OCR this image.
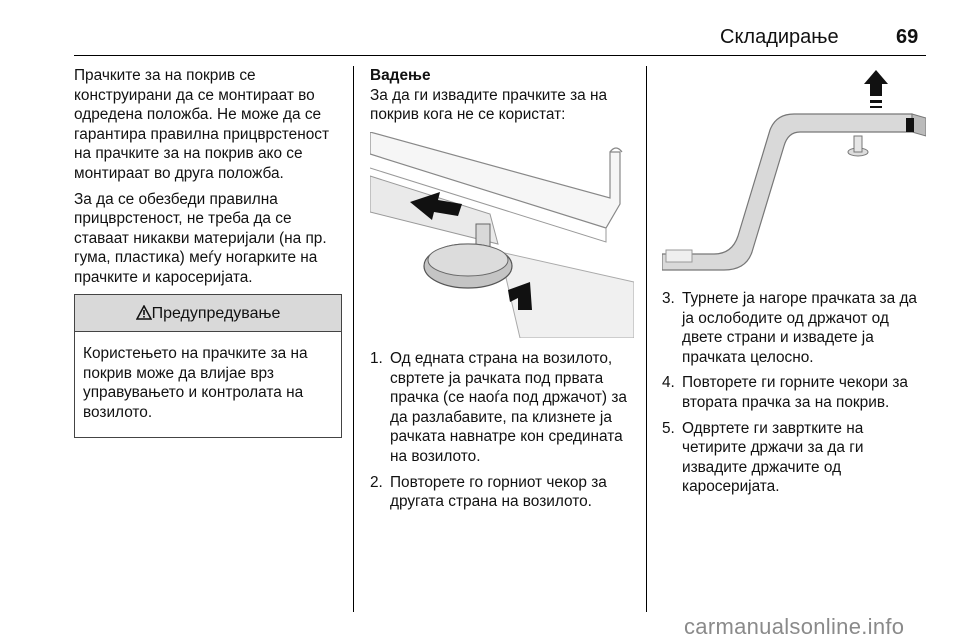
Складирање	69

Прачките за на покрив се конструирани да се монтираат во одредена положба. Не може да се гарантира правилна прицврстеност на прачките за на покрив ако се монтираат во друга положба.

За да се обезбеди правилна прицврстеност, не треба да се ставаат никакви материјали (на пр. гума, пластика) меѓу ногарките на прачките и каросеријата.

Предупредување
Користењето на прачките за на покрив може да влијае врз управувањето и контролата на возилото.

Вадење

За да ги извадите прачките за на покрив кога не се користат:

1. Од едната страна на возилото, свртете ја рачката под првата прачка (се наоѓа под држачот) за да разлабавите, па клизнете ја рачката навнатре кон средината на возилото.
2. Повторете го горниот чекор за другата страна на возилото.
3. Турнете ја нагоре прачката за да ја ослободите од држачот од двете страни и извадете ја прачката целосно.
4. Повторете ги горните чекори за втората прачка за на покрив.
5. Одвртете ги завртките на четирите држачи за да ги извадите држачите од каросеријата.
carmanualsonline.info
